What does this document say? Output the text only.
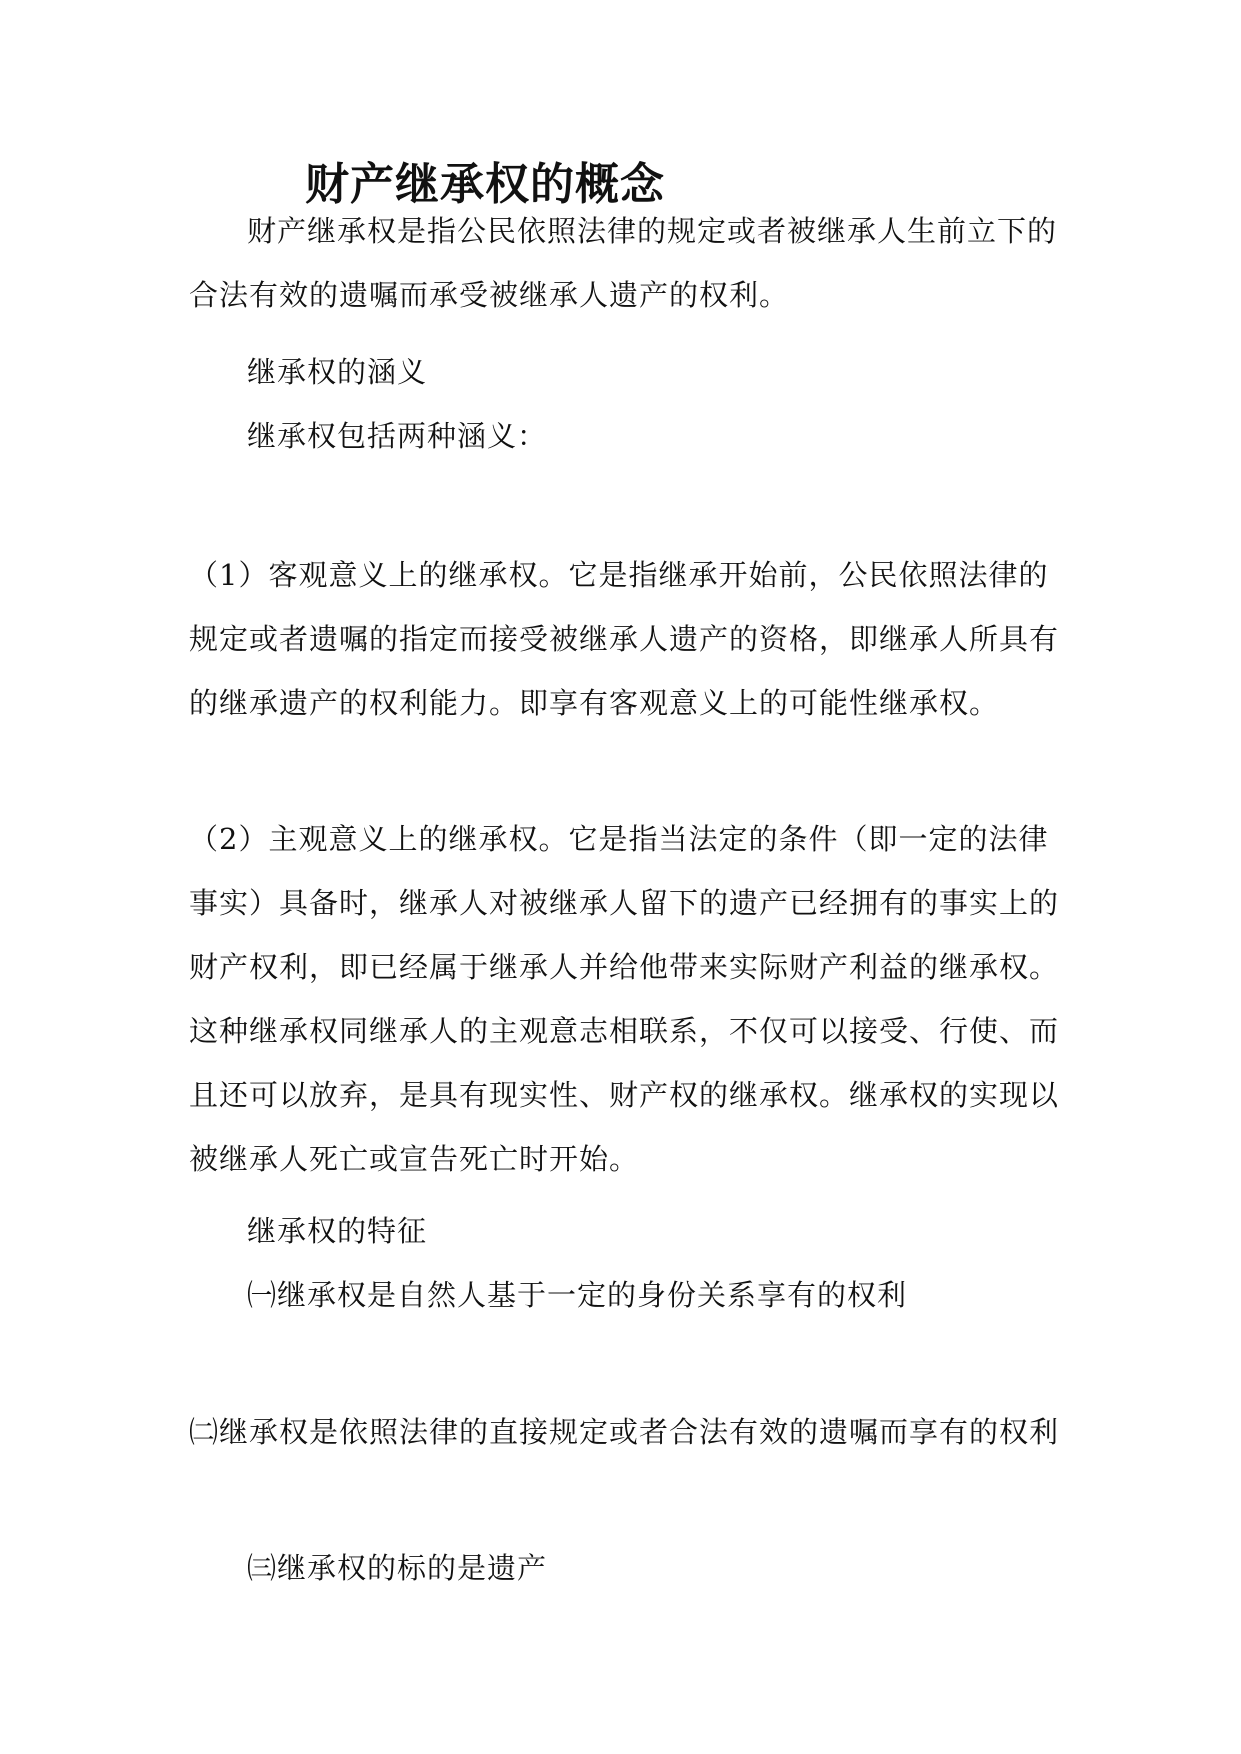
财产继承权的概念

财产继承权是指公民依照法律的规定或者被继承人生前立下的合法有效的遗嘱而承受被继承人遗产的权利。

继承权的涵义

继承权包括两种涵义：

（1）客观意义上的继承权。它是指继承开始前，公民依照法律的规定或者遗嘱的指定而接受被继承人遗产的资格，即继承人所具有的继承遗产的权利能力。即享有客观意义上的可能性继承权。

（2）主观意义上的继承权。它是指当法定的条件（即一定的法律事实）具备时，继承人对被继承人留下的遗产已经拥有的事实上的财产权利，即已经属于继承人并给他带来实际财产利益的继承权。这种继承权同继承人的主观意志相联系，不仅可以接受、行使、而且还可以放弃，是具有现实性、财产权的继承权。继承权的实现以被继承人死亡或宣告死亡时开始。

继承权的特征

㈠继承权是自然人基于一定的身份关系享有的权利

㈡继承权是依照法律的直接规定或者合法有效的遗嘱而享有的权利

㈢继承权的标的是遗产
